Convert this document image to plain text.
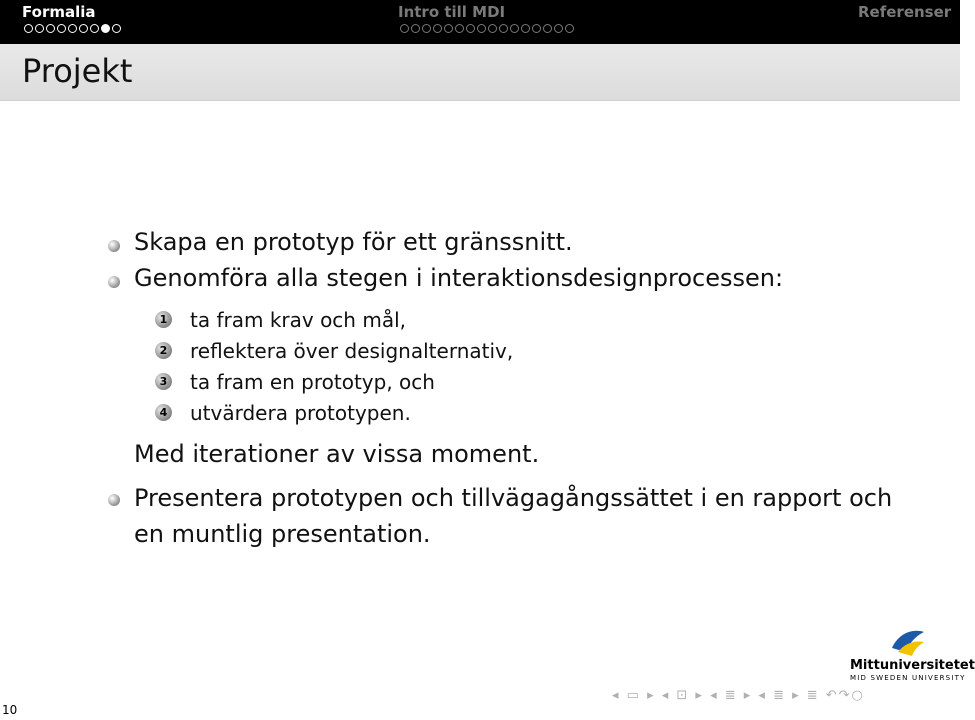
Formalia	Intro till MDI	Referenser
Projekt
Skapa en prototyp för ett gränssnitt.
Genomföra alla stegen i interaktionsdesignprocessen:
1 ta fram krav och mål,
2 reflektera över designalternativ,
3 ta fram en prototyp, och
4 utvärdera prototypen.
Med iterationer av vissa moment.
Presentera prototypen och tillvägagångssättet i en rapport och
en muntlig presentation.
10
Mittuniversitetet
MID SWEDEN UNIVERSITY
◂ ▭ ▸ ◂ ⊡ ▸ ◂ ≣ ▸ ◂ ≣ ▸ ≣ ↶↷○
